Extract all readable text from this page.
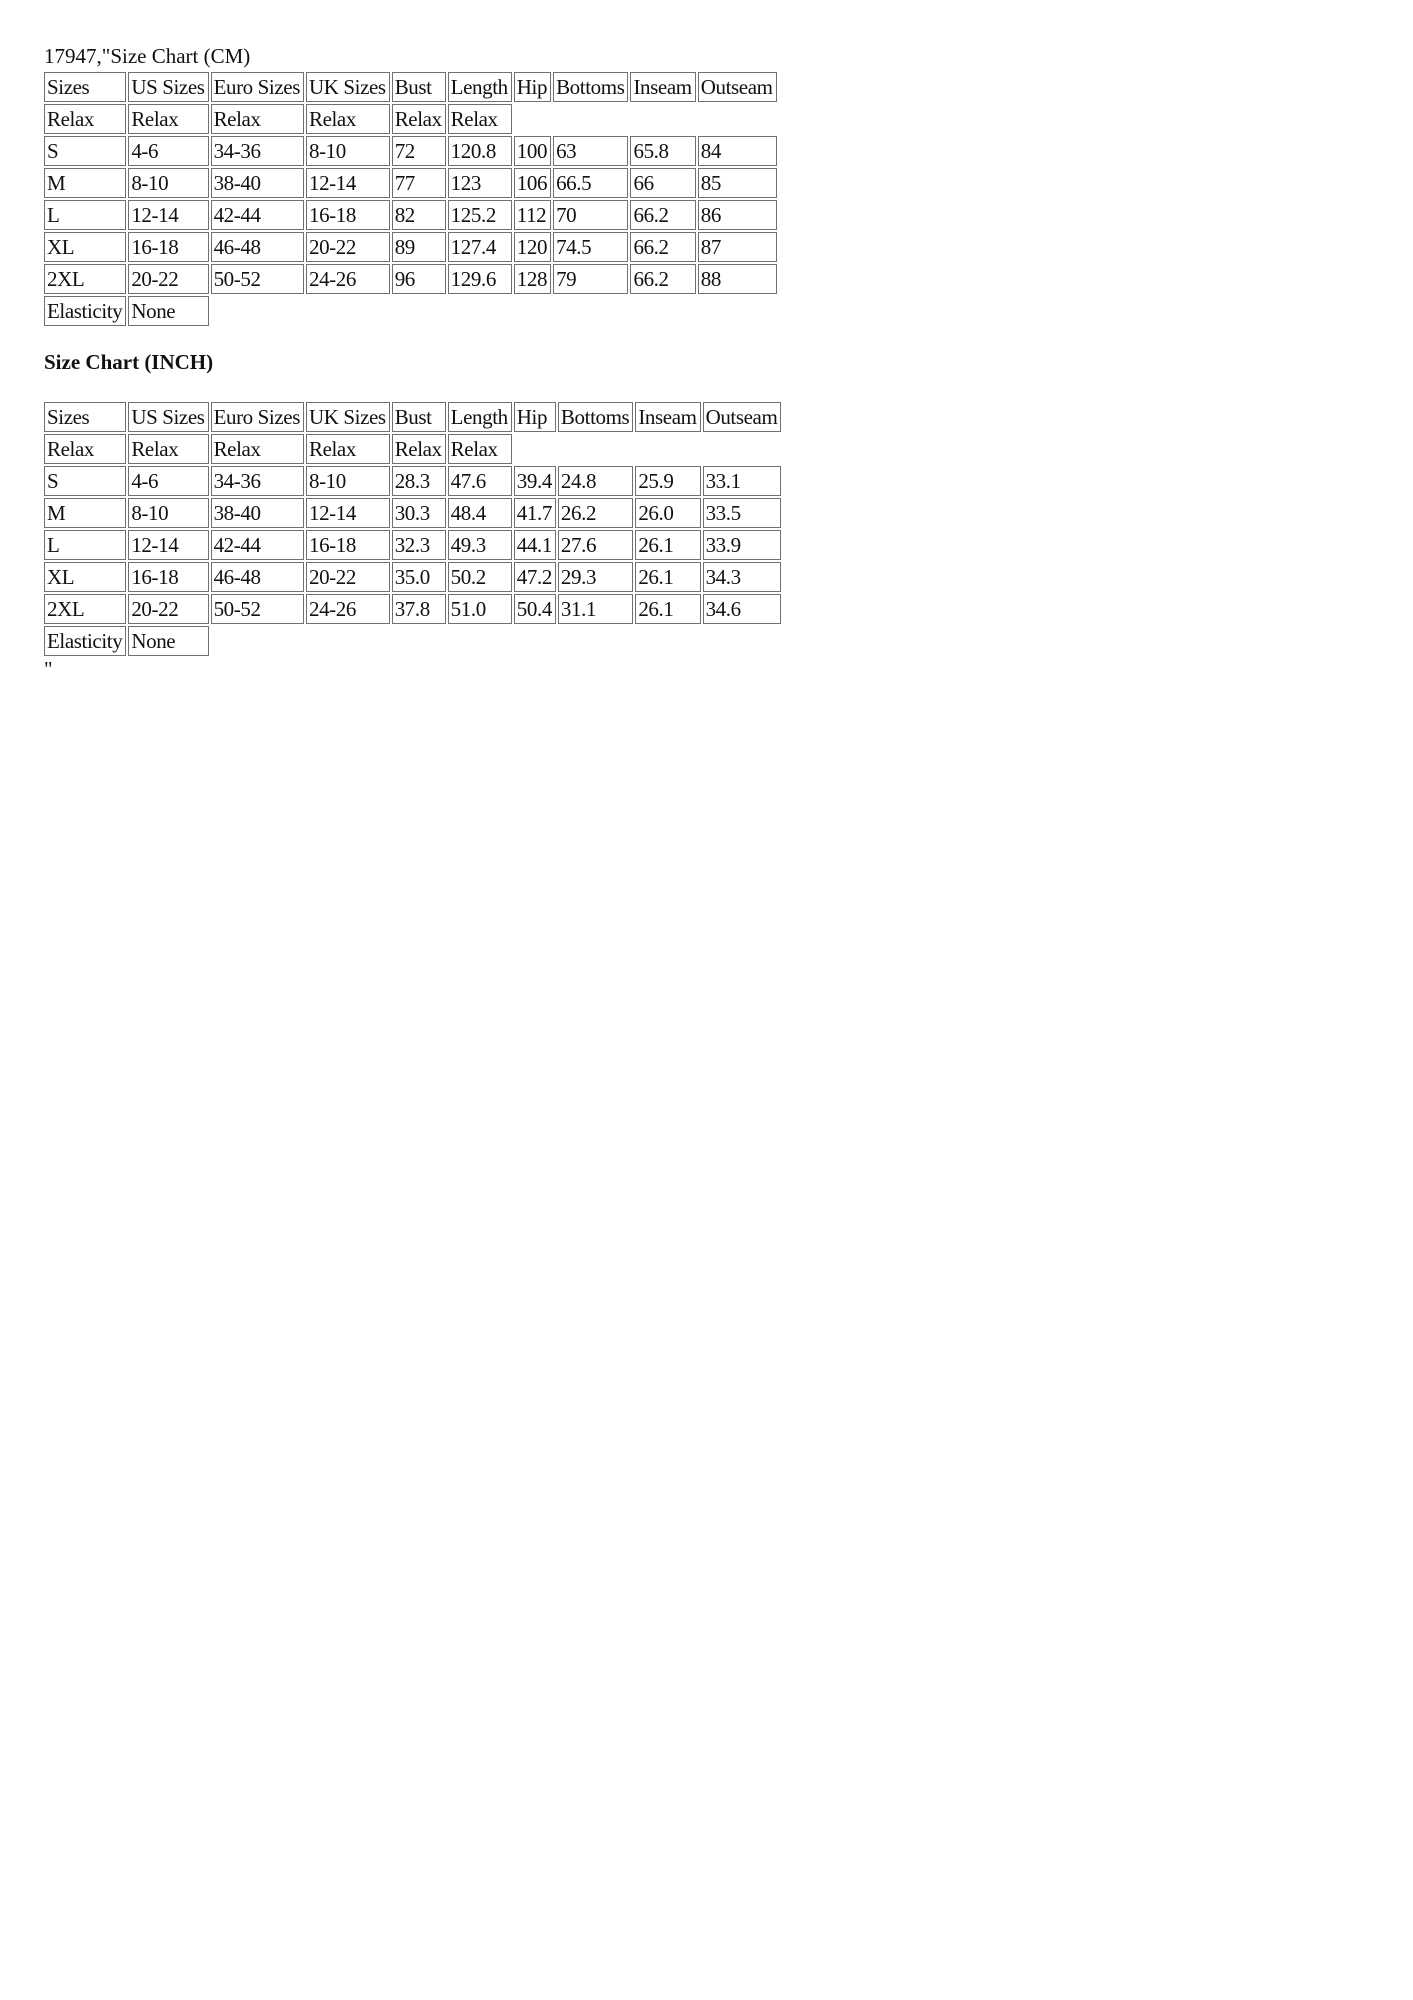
17947,"Size Chart (CM)

Sizes	US Sizes	Euro Sizes	UK Sizes	Bust	Length	Hip	Bottoms	Inseam	Outseam
Relax	Relax	Relax	Relax	Relax	Relax				
S	4-6	34-36	8-10	72	120.8	100	63	65.8	84
M	8-10	38-40	12-14	77	123	106	66.5	66	85
L	12-14	42-44	16-18	82	125.2	112	70	66.2	86
XL	16-18	46-48	20-22	89	127.4	120	74.5	66.2	87
2XL	20-22	50-52	24-26	96	129.6	128	79	66.2	88
Elasticity	None								

Size Chart (INCH)

Sizes	US Sizes	Euro Sizes	UK Sizes	Bust	Length	Hip	Bottoms	Inseam	Outseam
Relax	Relax	Relax	Relax	Relax	Relax				
S	4-6	34-36	8-10	28.3	47.6	39.4	24.8	25.9	33.1
M	8-10	38-40	12-14	30.3	48.4	41.7	26.2	26.0	33.5
L	12-14	42-44	16-18	32.3	49.3	44.1	27.6	26.1	33.9
XL	16-18	46-48	20-22	35.0	50.2	47.2	29.3	26.1	34.3
2XL	20-22	50-52	24-26	37.8	51.0	50.4	31.1	26.1	34.6
Elasticity	None								

"
